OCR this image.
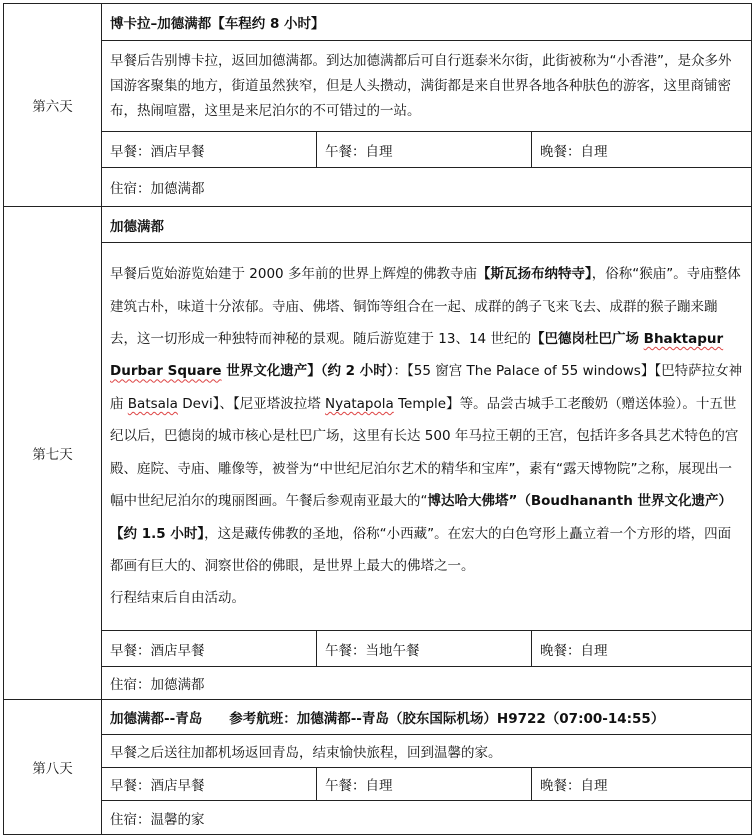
第六天	博卡拉–加德满都【车程约 8 小时】		
	早餐后告别博卡拉，返回加德满都。到达加德满都后可自行逛泰米尔街，此街被称为“小香港”，是众多外国游客聚集的地方，街道虽然狭窄，但是人头攒动，满街都是来自世界各地各种肤色的游客，这里商铺密布，热闹喧嚣，这里是来尼泊尔的不可错过的一站。		
	早餐：酒店早餐	午餐：自理	晚餐：自理
	住宿：加德满都		
第七天	加德满都		
	早餐后览始游览始建于 2000 多年前的世界上辉煌的佛教寺庙【斯瓦扬布纳特寺】，俗称“猴庙”。寺庙整体建筑古朴，味道十分浓郁。寺庙、佛塔、铜饰等组合在一起、成群的鸽子飞来飞去、成群的猴子蹦来蹦去，这一切形成一种独特而神秘的景观。随后游览建于 13、14 世纪的【巴德岗杜巴广场 Bhaktapur Durbar Square 世界文化遗产】（约 2 小时）：【55 窗宫 The Palace of 55 windows】【巴特萨拉女神庙 Batsala Devi】、【尼亚塔波拉塔 Nyatapola Temple】等。品尝古城手工老酸奶（赠送体验）。十五世纪以后，巴德岗的城市核心是杜巴广场，这里有长达 500 年马拉王朝的王宫，包括许多各具艺术特色的宫殿、庭院、寺庙、雕像等，被誉为“中世纪尼泊尔艺术的精华和宝库”，素有“露天博物院”之称，展现出一幅中世纪尼泊尔的瑰丽图画。午餐后参观南亚最大的“博达哈大佛塔”（Boudhananth 世界文化遗产）【约 1.5 小时】，这是藏传佛教的圣地，俗称“小西藏”。在宏大的白色穹形上矗立着一个方形的塔，四面都画有巨大的、洞察世俗的佛眼，是世界上最大的佛塔之一。
行程结束后自由活动。		
	早餐：酒店早餐	午餐：当地午餐	晚餐：自理
	住宿：加德满都		
第八天	加德满都--青岛　　参考航班：加德满都--青岛（胶东国际机场）H9722（07:00-14:55）		
	早餐之后送往加都机场返回青岛，结束愉快旅程，回到温馨的家。		
	早餐：酒店早餐	午餐：自理	晚餐：自理
	住宿：温馨的家		
